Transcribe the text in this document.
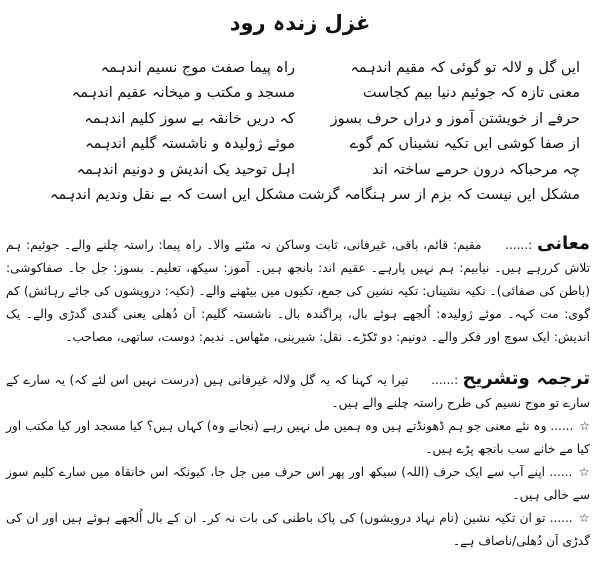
غزل زندہ رود
ایں گل و لالہ تو گوئی کہ مقیم اندہمہ
راہ پیما صفت موج نسیم اندہمہ
معنی تازہ کہ جوئیم دنیا بیم کجاست
مسجد و مکتب و میخانہ عقیم اندہمہ
حرفے از خویشتن آموز و دراں حرف بسوز
کہ دریں خانقہ بے سوز کلیم اندہمہ
از صفا کوشی ایں تکیہ نشیناں کم گوے
موئے ژولیدہ و ناشستہ گلیم اندہمہ
چہ مرحباکہ درون حرمے ساختہ اند
اہل توحید یک اندیش و دونیم اندہمہ
مشکل ایں نیست کہ بزم از سر ہنگامہ گزشت
مشکل ایں است کہ بے نقل ونديم اندہمہ

معانی :......  مقیم: قائم، باقی، غیرفانی، ثابت وساکن نہ مٹنے والا۔ راہ پیما: راستہ چلنے والے۔ جوئیم: ہم تلاش کررہے ہیں۔ نیابیم: ہم نہیں پارہے۔ عقیم اند: بانجھ ہیں۔ آموز: سیکھ، تعلیم۔ بسوز: جل جا۔ صفاکوشی: (باطن کی صفائی)۔ تکیہ نشیناں: تکیہ نشین کی جمع، تکیوں میں بیٹھنے والے۔ (تکیہ: درویشوں کی جائے رہائش) کم گوی: مت کہہ۔ موئے ژولیدہ: اُلجھے ہوئے بال، پراگندہ بال۔ ناشستہ گلیم: اَن دُھلی یعنی گندی گدڑی والے۔ یک اندیش: ایک سوچ اور فکر والے۔ دونیم: دو ٹکڑے۔ نقل: شیرینی، مٹھاس۔ ندیم: دوست، ساتھی، مصاحب۔

ترجمہ وتشریح :......  تیرا یہ کہنا کہ یہ گل ولالہ غیرفانی ہیں (درست نہیں اس لئے کہ) یہ سارے کے سارے تو موج نسیم کی طرح راستہ چلنے والے ہیں۔

☆ ...... وہ نئے معنی جو ہم ڈھونڈتے ہیں وہ ہمیں مل نہیں رہے (نجانے وہ) کہاں ہیں؟ کیا مسجد اور کیا مکتب اور کیا مے خانے سب بانجھ پڑے ہیں۔

☆ ...... اپنے آپ سے ایک حرف (اللہ) سیکھ اور پھر اس حرف میں جل جا، کیونکہ اس خانقاہ میں سارے کلیم سوز سے خالی ہیں۔

☆ ...... تو ان تکیہ نشین (نام نہاد درویشوں) کی پاک باطنی کی بات نہ کر۔ ان کے بال اُلجھے ہوئے ہیں اور ان کی گدڑی اَن دُھلی/ناصاف ہے۔
